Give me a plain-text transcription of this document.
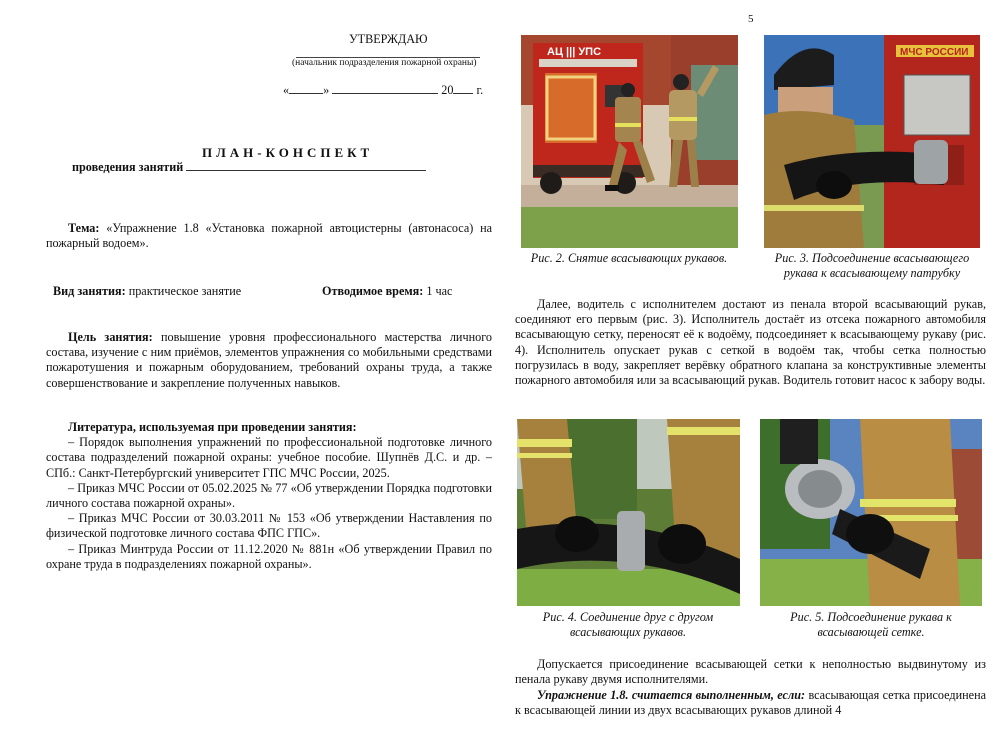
УТВЕРЖДАЮ
(начальник подразделения пожарной охраны)
«	»	20 г.
ПЛАН-КОНСПЕКТ
проведения занятий
Тема: «Упражнение 1.8 «Установка пожарной автоцистерны (автонасоса) на пожарный водоем».
Вид занятия: практическое занятие	Отводимое время: 1 час
Цель занятия: повышение уровня профессионального мастерства личного состава, изучение с ним приёмов, элементов упражнения со мобильными средствами пожаротушения и пожарным оборудованием, требований охраны труда, а также совершенствование и закрепление полученных навыков.
Литература, используемая при проведении занятия:
– Порядок выполнения упражнений по профессиональной подготовке личного состава подразделений пожарной охраны: учебное пособие. Шупнёв Д.С. и др. –СПб.: Санкт-Петербургский университет ГПС МЧС России, 2025.
– Приказ МЧС России от 05.02.2025 № 77 «Об утверждении Порядка подготовки личного состава пожарной охраны».
– Приказ МЧС России от 30.03.2011 № 153 «Об утверждении Наставления по физической подготовке личного состава ФПС ГПС».
– Приказ Минтруда России от 11.12.2020 № 881н «Об утверждении Правил по охране труда в подразделениях пожарной охраны».
5
АЦ ||| УПС
Рис. 2. Снятие всасывающих рукавов.
МЧС РОССИИ
Рис. 3. Подсоединение всасывающего рукава к всасывающему патрубку
Далее, водитель с исполнителем достают из пенала второй всасывающий рукав, соединяют его первым (рис. 3). Исполнитель достаёт из отсека пожарного автомобиля всасывающую сетку, переносят её к водоёму, подсоединяет к всасывающему рукаву (рис. 4). Исполнитель опускает рукав с сеткой в водоём так, чтобы сетка полностью погрузилась в воду, закрепляет верёвку обратного клапана за конструктивные элементы пожарного автомобиля или за всасывающий рукав. Водитель готовит насос к забору воды.
Рис. 4. Соединение друг с другом всасывающих рукавов.
Рис. 5. Подсоединение рукава к всасывающей сетке.
Допускается присоединение всасывающей сетки к неполностью выдвинутому из пенала рукаву двумя исполнителями.
Упражнение 1.8. считается выполненным, если: всасывающая сетка присоединена к всасывающей линии из двух всасывающих рукавов длиной 4
